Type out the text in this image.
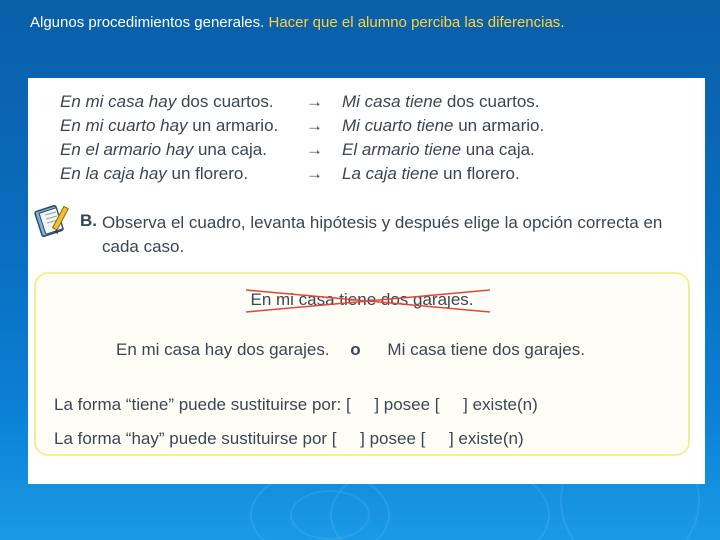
Algunos procedimientos generales. Hacer que el alumno perciba las diferencias.
En mi casa hay dos cuartos. → Mi casa tiene dos cuartos.
En mi cuarto hay un armario. → Mi cuarto tiene un armario.
En el armario hay una caja. → El armario tiene una caja.
En la caja hay un florero.	→ La caja tiene un florero.
B. Observa el cuadro, levanta hipótesis y después elige la opción correcta en cada caso.
En mi casa tiene dos garajes.
En mi casa hay dos garajes. o Mi casa tiene dos garajes.
La forma “tiene” puede sustituirse por: [     ] posee [     ] existe(n)
La forma “hay” puede sustituirse por [     ] posee [     ] existe(n)
